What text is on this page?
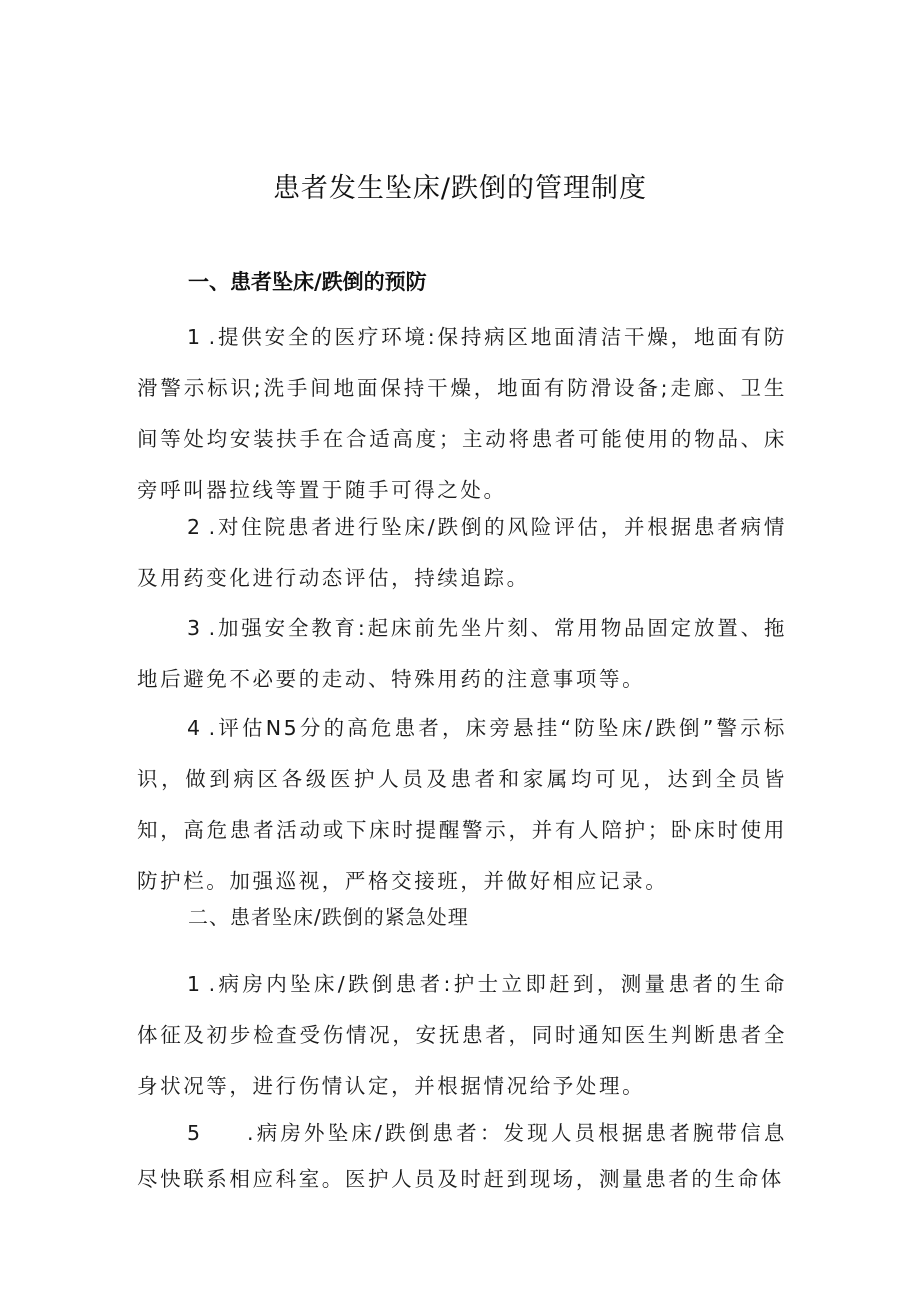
患者发生坠床/跌倒的管理制度
一、患者坠床/跌倒的预防

1 .提供安全的医疗环境:保持病区地面清洁干燥，地面有防滑警示标识;洗手间地面保持干燥，地面有防滑设备;走廊、卫生间等处均安装扶手在合适高度；主动将患者可能使用的物品、床旁呼叫器拉线等置于随手可得之处。

2 .对住院患者进行坠床/跌倒的风险评估，并根据患者病情及用药变化进行动态评估，持续追踪。

3 .加强安全教育:起床前先坐片刻、常用物品固定放置、拖地后避免不必要的走动、特殊用药的注意事项等。

4 .评估N5分的高危患者，床旁悬挂“防坠床/跌倒”警示标识，做到病区各级医护人员及患者和家属均可见，达到全员皆知，高危患者活动或下床时提醒警示，并有人陪护；卧床时使用防护栏。加强巡视，严格交接班，并做好相应记录。

二、患者坠床/跌倒的紧急处理

1 .病房内坠床/跌倒患者:护士立即赶到，测量患者的生命体征及初步检查受伤情况，安抚患者，同时通知医生判断患者全身状况等，进行伤情认定，并根据情况给予处理。

5 .病房外坠床/跌倒患者：发现人员根据患者腕带信息尽快联系相应科室。医护人员及时赶到现场，测量患者的生命体
